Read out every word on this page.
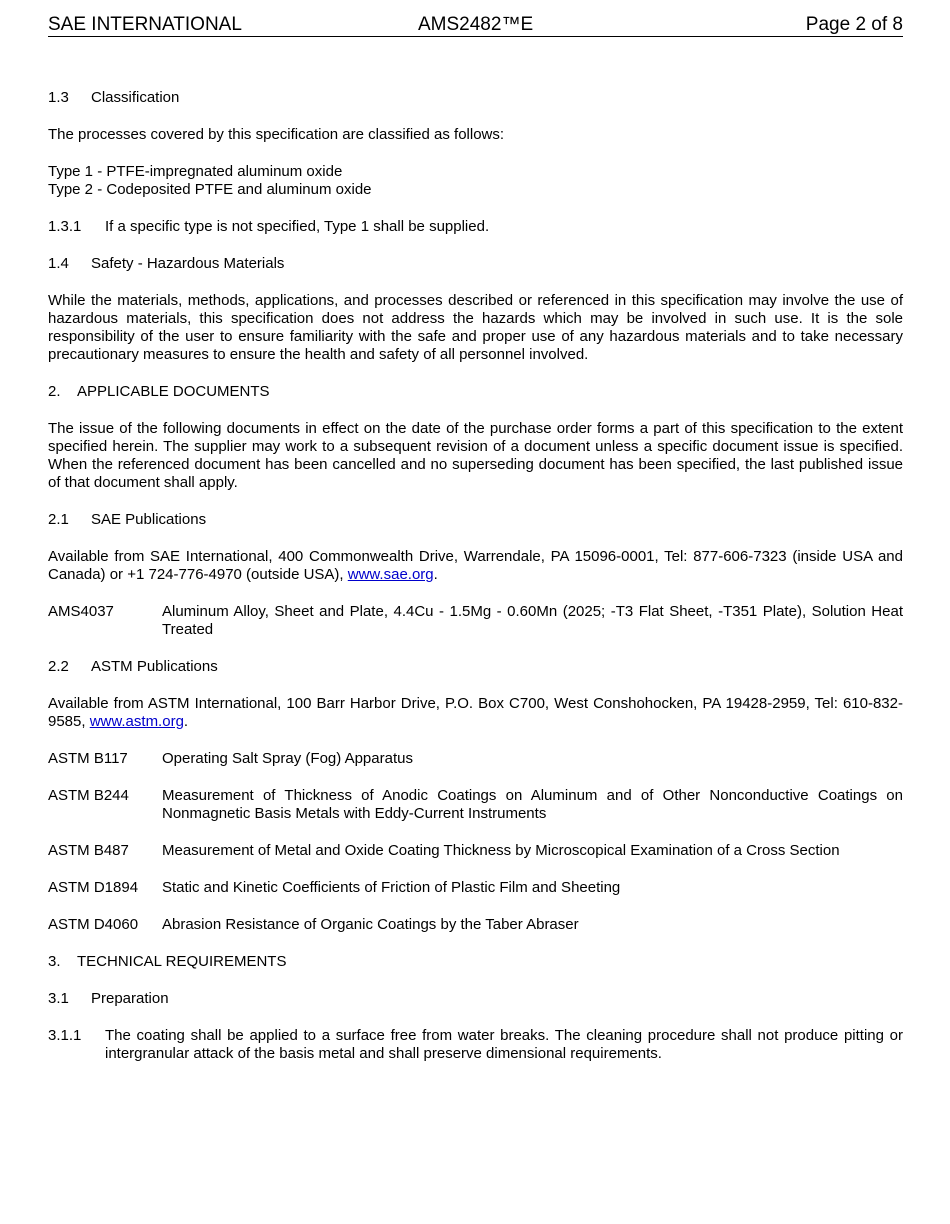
SAE INTERNATIONAL	AMS2482™E	Page 2 of 8

1.3 Classification

The processes covered by this specification are classified as follows:

Type 1 - PTFE-impregnated aluminum oxide

Type 2 - Codeposited PTFE and aluminum oxide

1.3.1	If a specific type is not specified, Type 1 shall be supplied.

1.4 Safety - Hazardous Materials

While the materials, methods, applications, and processes described or referenced in this specification may involve the use of hazardous materials, this specification does not address the hazards which may be involved in such use. It is the sole responsibility of the user to ensure familiarity with the safe and proper use of any hazardous materials and to take necessary precautionary measures to ensure the health and safety of all personnel involved.

2. APPLICABLE DOCUMENTS

The issue of the following documents in effect on the date of the purchase order forms a part of this specification to the extent specified herein. The supplier may work to a subsequent revision of a document unless a specific document issue is specified. When the referenced document has been cancelled and no superseding document has been specified, the last published issue of that document shall apply.

2.1 SAE Publications

Available from SAE International, 400 Commonwealth Drive, Warrendale, PA 15096-0001, Tel: 877-606-7323 (inside USA and Canada) or +1 724-776-4970 (outside USA), www.sae.org.

AMS4037	Aluminum Alloy, Sheet and Plate, 4.4Cu - 1.5Mg - 0.60Mn (2025; -T3 Flat Sheet, -T351 Plate), Solution Heat Treated

2.2 ASTM Publications

Available from ASTM International, 100 Barr Harbor Drive, P.O. Box C700, West Conshohocken, PA 19428-2959, Tel: 610-832-9585, www.astm.org.

ASTM B117	Operating Salt Spray (Fog) Apparatus
ASTM B244	Measurement of Thickness of Anodic Coatings on Aluminum and of Other Nonconductive Coatings on Nonmagnetic Basis Metals with Eddy-Current Instruments
ASTM B487	Measurement of Metal and Oxide Coating Thickness by Microscopical Examination of a Cross Section
ASTM D1894	Static and Kinetic Coefficients of Friction of Plastic Film and Sheeting
ASTM D4060	Abrasion Resistance of Organic Coatings by the Taber Abraser

3. TECHNICAL REQUIREMENTS

3.1 Preparation

3.1.1	The coating shall be applied to a surface free from water breaks. The cleaning procedure shall not produce pitting or intergranular attack of the basis metal and shall preserve dimensional requirements.
